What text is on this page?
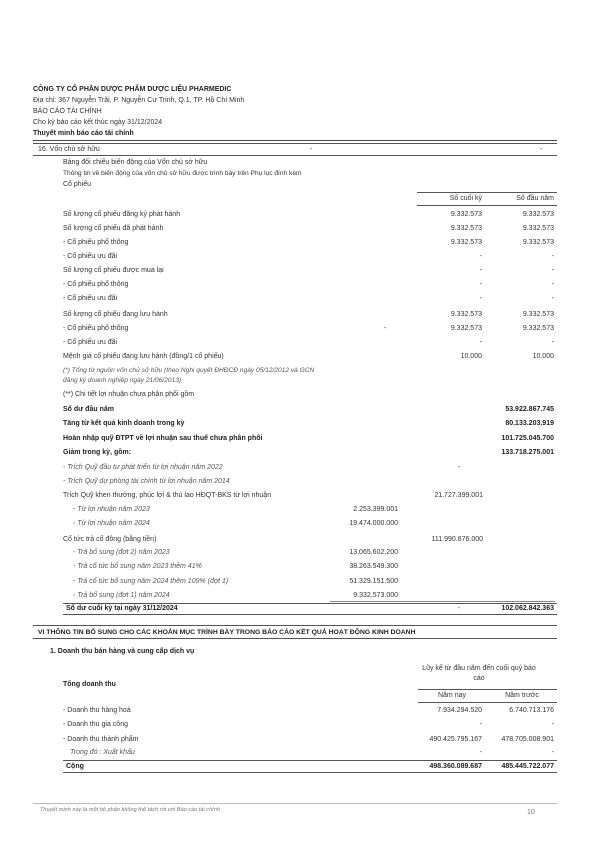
CÔNG TY CỔ PHẦN DƯỢC PHẨM DƯỢC LIỆU PHARMEDIC
Địa chỉ: 367 Nguyễn Trãi, P. Nguyễn Cư Trinh, Q.1, TP. Hồ Chí Minh
BÁO CÁO TÀI CHÍNH
Cho kỳ báo cáo kết thúc ngày 31/12/2024
Thuyết minh báo cáo tài chính
16. Vốn chủ sở hữu	-	-
Bảng đối chiếu biến động của Vốn chủ sở hữu
Thông tin về biến động của vốn chủ sở hữu được trình bày trên Phụ lục đính kèm
Cổ phiếu
Số cuối kỳ	Số đầu năm
Số lượng cổ phiếu đăng ký phát hành	9.332.573	9.332.573
Số lượng cổ phiếu đã phát hành	9.332.573	9.332.573
- Cổ phiếu phổ thông	9.332.573	9.332.573
- Cổ phiếu ưu đãi	-	-
Số lượng cổ phiếu được mua lại	-	-
- Cổ phiếu phổ thông	-	-
- Cổ phiếu ưu đãi	-	-
Số lượng cổ phiếu đang lưu hành	9.332.573	9.332.573
- Cổ phiếu phổ thông	-	9.332.573	9.332.573
- Cổ phiếu ưu đãi	-	-
Mệnh giá cổ phiếu đang lưu hành (đồng/1 cổ phiếu)	10.000	10.000
(*) Tổng từ nguồn vốn chủ sở hữu (theo Nghị quyết ĐHĐCĐ ngày 05/12/2012 và GCN
đăng ký doanh nghiệp ngày 21/06/2013)
(**) Chi tiết lợi nhuận chưa phân phối gồm
Số dư đầu năm	53.922.867.745
Tăng từ kết quả kinh doanh trong kỳ	80.133.203.919
Hoàn nhập quỹ ĐTPT về lợi nhuận sau thuế chưa phân phối	101.725.045.700
Giảm trong kỳ, gồm:	133.718.275.001
- Trích Quỹ đầu tư phát triển từ lợi nhuận năm 2022	-
- Trích Quỹ dự phòng tài chính từ lợi nhuận năm 2014
Trích Quỹ khen thưởng, phúc lợi & thù lao HĐQT-BKS từ lợi nhuận	21.727.399.001
- Từ lợi nhuận năm 2023	2.253.399.001
- Từ lợi nhuận năm 2024	19.474.000.000
Cổ tức trả cổ đông (bằng tiền)	111.990.876.000
- Trả bổ sung (đợt 2) năm 2023	13.065.602.200
- Trả cổ tức bổ sung năm 2023 thêm 41%	38.263.549.300
- Trả cổ tức bổ sung năm 2024 thêm 109% (đợt 1)	51.329.151.500
- Trả bổ sung (đợt 1) năm 2024	9.332.573.000
Số dư cuối kỳ tại ngày 31/12/2024	-	102.062.842.363
VI THÔNG TIN BỔ SUNG CHO CÁC KHOẢN MỤC TRÌNH BÀY TRONG BÁO CÁO KẾT QUẢ HOẠT ĐỘNG KINH DOANH
1. Doanh thu bán hàng và cung cấp dịch vụ
Lũy kế từ đầu năm đến cuối quý báo
cáo
Tổng doanh thu
Năm nay	Năm trước
- Doanh thu hàng hoá	7.934.294.520	6.740.713.176
- Doanh thu gia công	-	-
- Doanh thu thành phẩm	490.425.795.167	478.705.008.901
Trong đó : Xuất khẩu	-	-
Cộng	498.360.089.687	485.445.722.077
Thuyết minh này là một bộ phận không thể tách rời với Báo cáo tài chính	10
